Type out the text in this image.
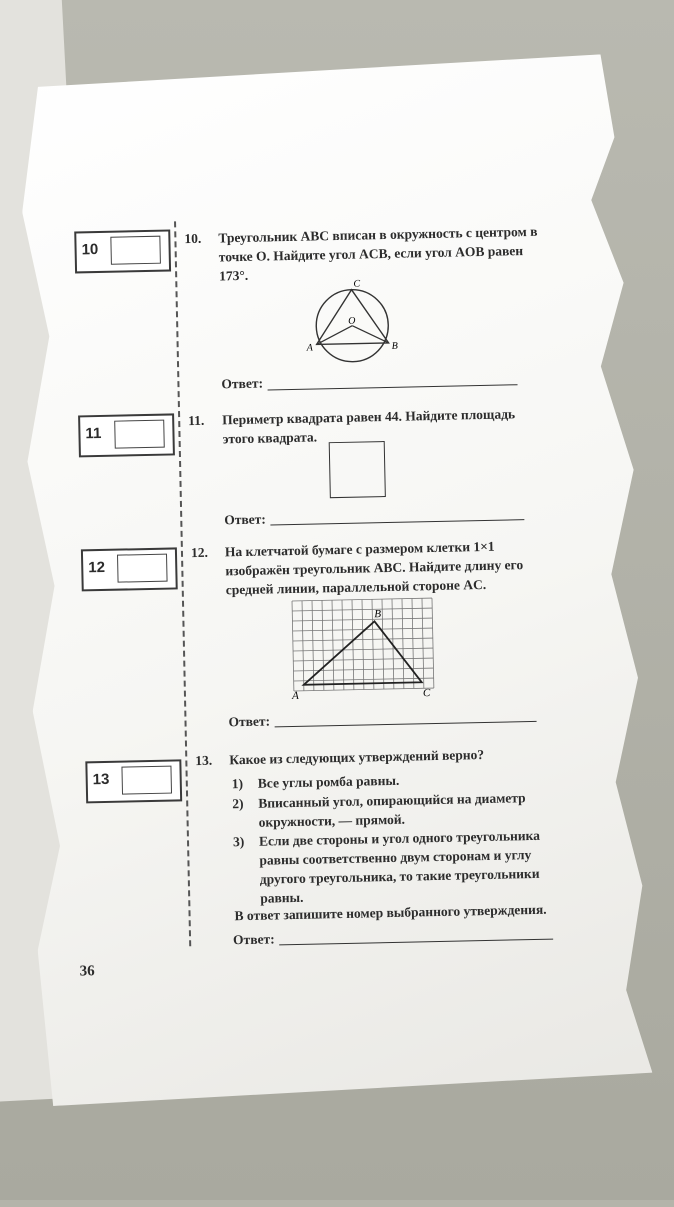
10
10. Треугольник ABC вписан в окружность с центром в точке O. Найдите угол ACB, если угол AOB равен 173°.
C
O
A	B
Ответ:
11
11. Периметр квадрата равен 44. Найдите площадь этого квадрата.
Ответ:
12
12. На клетчатой бумаге с размером клетки 1×1 изображён треугольник ABC. Найдите длину его средней линии, параллельной стороне AC.
A
B
C
Ответ:
13
13. Какое из следующих утверждений верно?
1) Все углы ромба равны.
2) Вписанный угол, опирающийся на диаметр окружности, — прямой.
3) Если две стороны и угол одного треугольника равны соответственно двум сторонам и углу другого треугольника, то такие треугольники равны.
В ответ запишите номер выбранного утверждения.
Ответ:
36
